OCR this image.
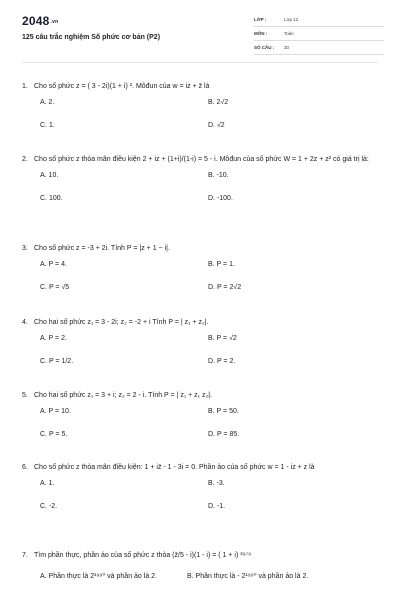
2048.vn
125 câu trắc nghiệm Số phức cơ bản (P2)
LỚP :	Lớp 12
MÔN :	Toán
SỐ CÂU : 30
1. Cho số phức z = ( 3 - 2i)(1 + i) ². Môđun của w = iz + z̄ là
A. 2.	B. 2√2
C. 1.	D. √2
2. Cho số phức z thỏa mãn điều kiện 2 + iz + (1+i)/(1-i) = 5 - i. Môđun của số phức W = 1 + 2z + z² có giá trị là:
A. 10.	B. -10.
C. 100.	D. -100.
3. Cho số phức z = -3 + 2i. Tính P = |z + 1 − i|.
A. P = 4.	B. P = 1.
C. P = √5	D. P = 2√2
4. Cho hai số phức z₁ = 3 - 2i; z₂ = -2 + i Tính P = | z₁ + z₂|.
A. P = 2.	B. P = √2
C. P = 1/2.	D. P = 2.
5. Cho hai số phức z₁ = 3 + i; z₂ = 2 - i. Tính P = | z₁ + z₁ z₂|.
A. P = 10.	B. P = 50.
C. P = 5.	D. P = 85.
6. Cho số phức z thỏa mãn điều kiện: 1 + iz̄ - 1 - 3i = 0. Phần ảo của số phức w = 1 - iz + z là
A. 1.	B. -3.
C. -2.	D. -1.
7. Tìm phần thực, phần ảo của số phức z thỏa (z̄/5 - i)(1 - i) = ( 1 + i) ³⁹⁷⁹
A. Phần thực là 2¹⁹⁹⁰ và phần ảo là 2.	B. Phần thực là - 2¹⁹⁹⁰ và phần ảo là 2.
